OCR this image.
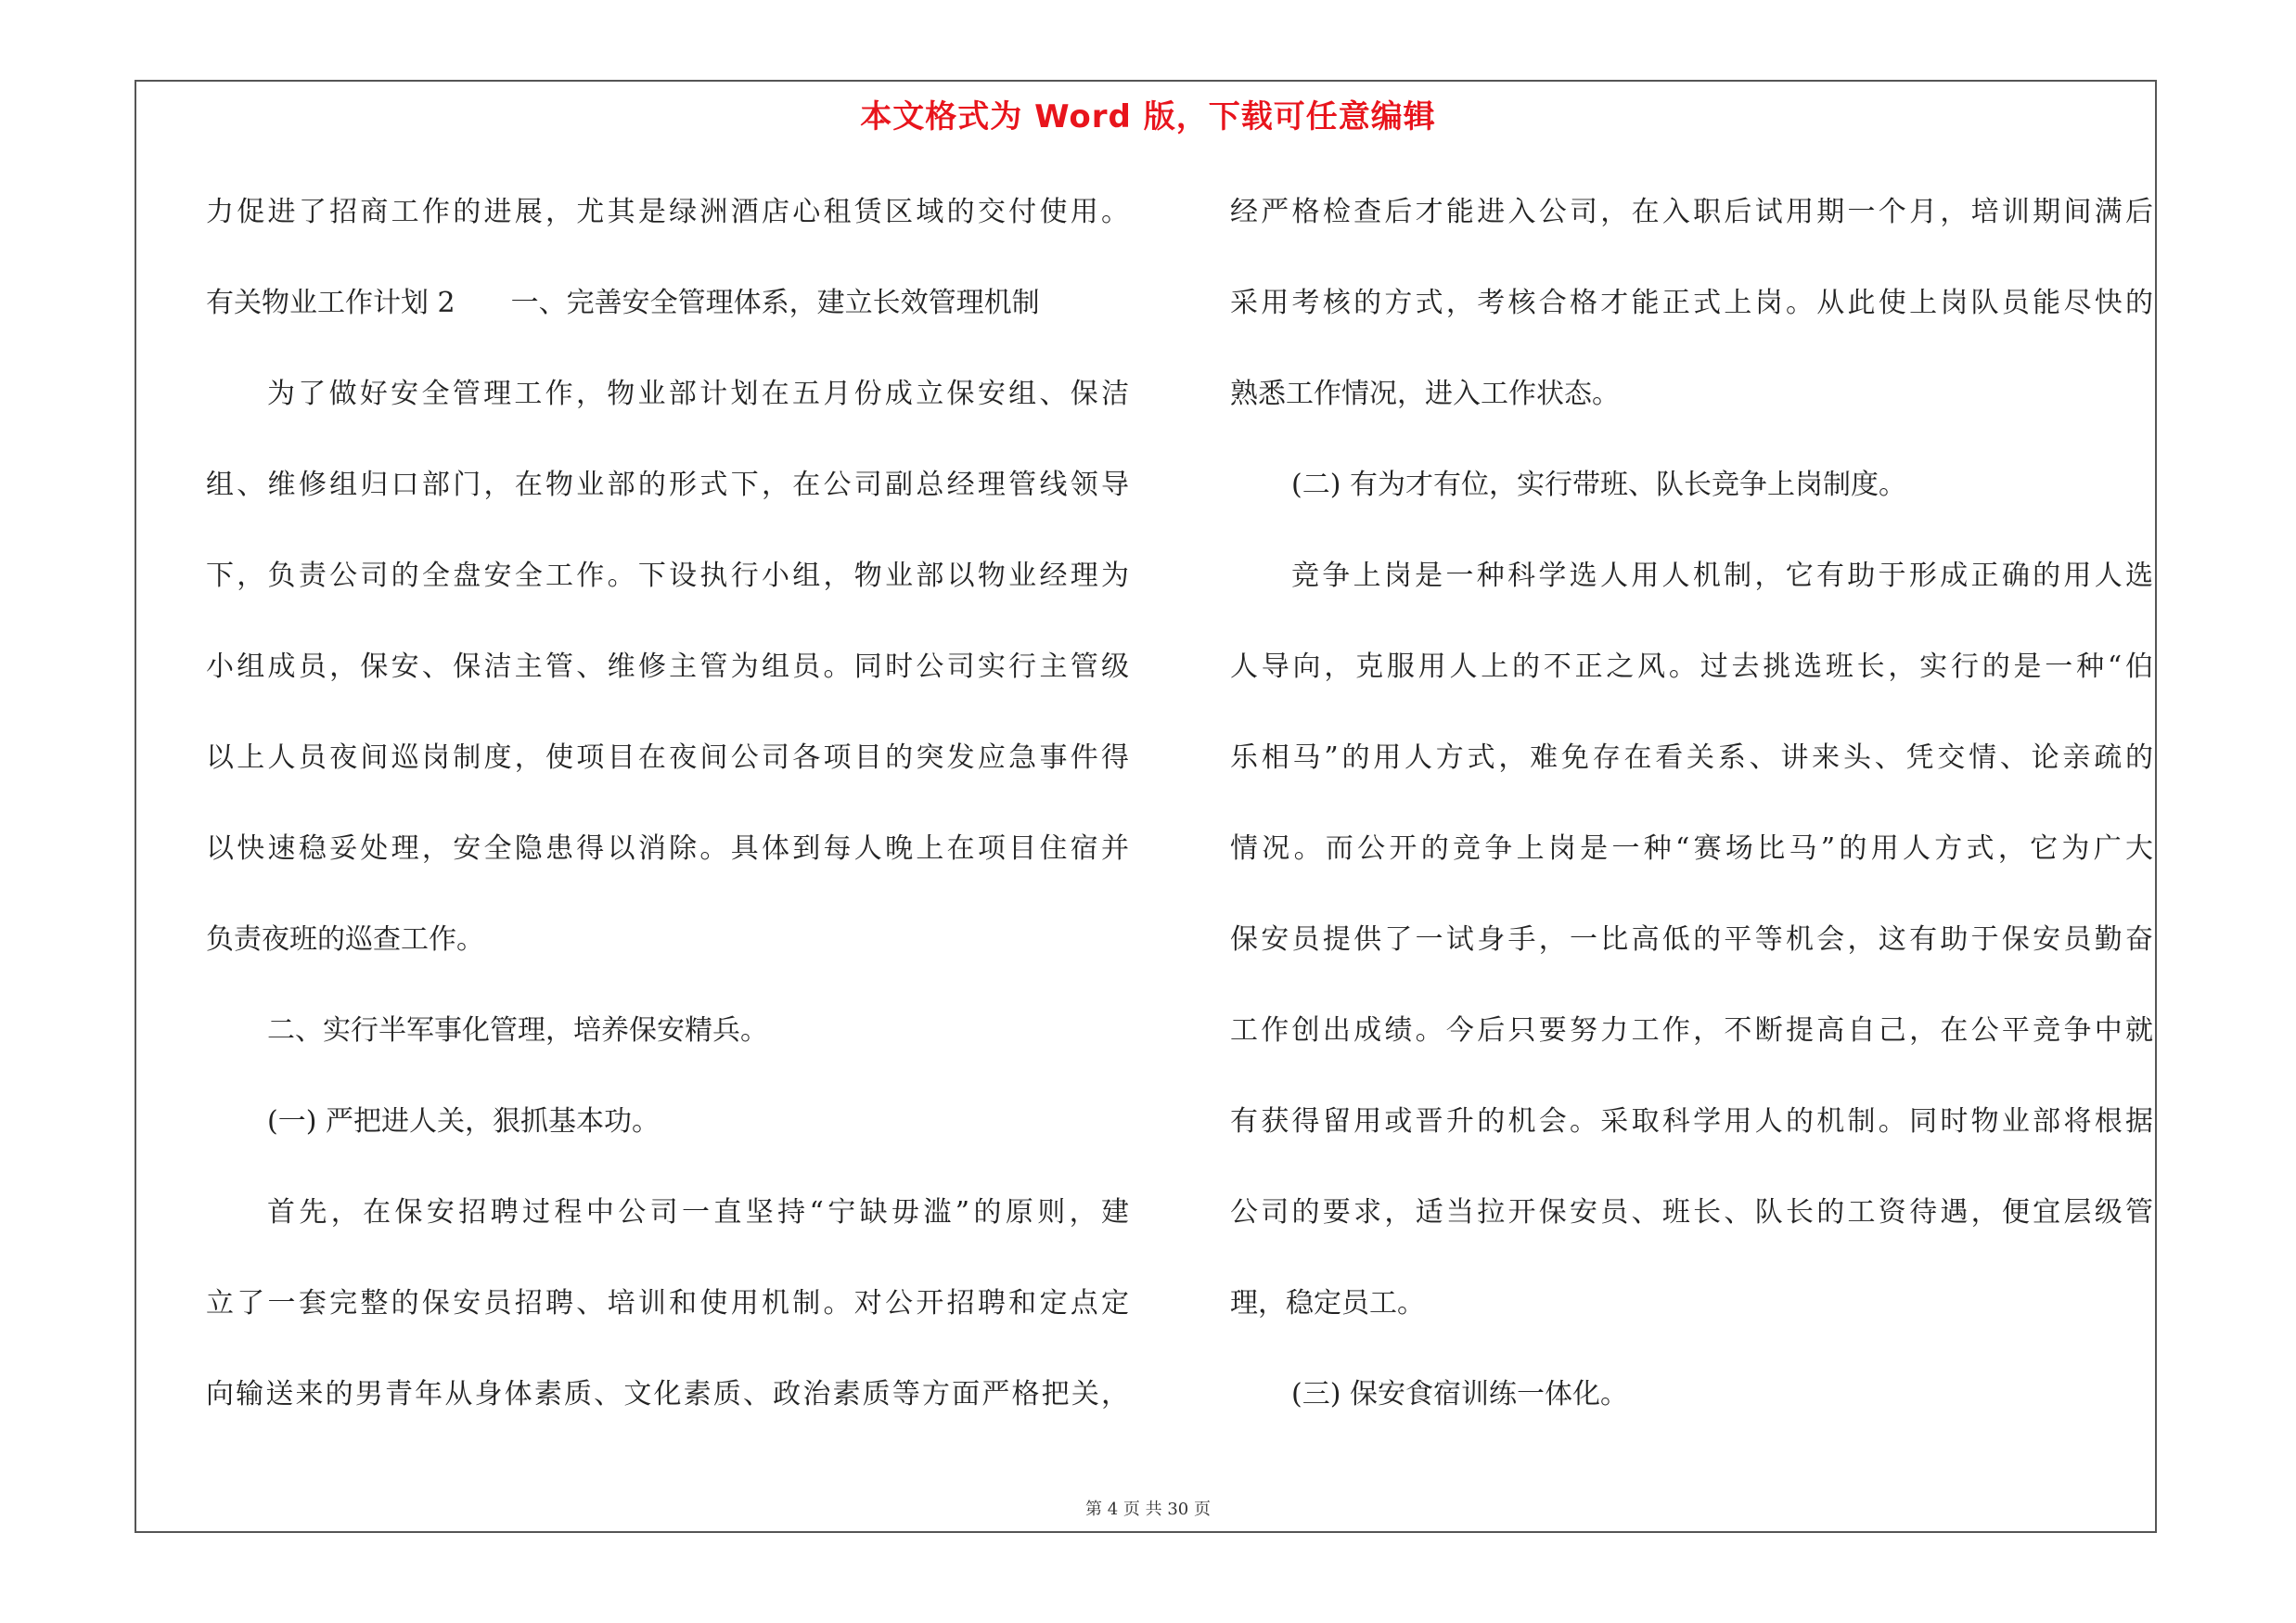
本文格式为 Word 版，下载可任意编辑
力促进了招商工作的进展，尤其是绿洲酒店心租赁区域的交付使用。
有关物业工作计划 2　　一、完善安全管理体系，建立长效管理机制
为了做好安全管理工作，物业部计划在五月份成立保安组、保洁
组、维修组归口部门，在物业部的形式下，在公司副总经理管线领导
下，负责公司的全盘安全工作。下设执行小组，物业部以物业经理为
小组成员，保安、保洁主管、维修主管为组员。同时公司实行主管级
以上人员夜间巡岗制度，使项目在夜间公司各项目的突发应急事件得
以快速稳妥处理，安全隐患得以消除。具体到每人晚上在项目住宿并
负责夜班的巡查工作。
二、实行半军事化管理，培养保安精兵。
(一) 严把进人关，狠抓基本功。
首先，在保安招聘过程中公司一直坚持“宁缺毋滥”的原则，建
立了一套完整的保安员招聘、培训和使用机制。对公开招聘和定点定
向输送来的男青年从身体素质、文化素质、政治素质等方面严格把关，
经严格检查后才能进入公司，在入职后试用期一个月，培训期间满后
采用考核的方式，考核合格才能正式上岗。从此使上岗队员能尽快的
熟悉工作情况，进入工作状态。
(二) 有为才有位，实行带班、队长竞争上岗制度。
竞争上岗是一种科学选人用人机制，它有助于形成正确的用人选
人导向，克服用人上的不正之风。过去挑选班长，实行的是一种“伯
乐相马”的用人方式，难免存在看关系、讲来头、凭交情、论亲疏的
情况。而公开的竞争上岗是一种“赛场比马”的用人方式，它为广大
保安员提供了一试身手，一比高低的平等机会，这有助于保安员勤奋
工作创出成绩。今后只要努力工作，不断提高自己，在公平竞争中就
有获得留用或晋升的机会。采取科学用人的机制。同时物业部将根据
公司的要求，适当拉开保安员、班长、队长的工资待遇，便宜层级管
理，稳定员工。
(三) 保安食宿训练一体化。
第 4 页 共 30 页
